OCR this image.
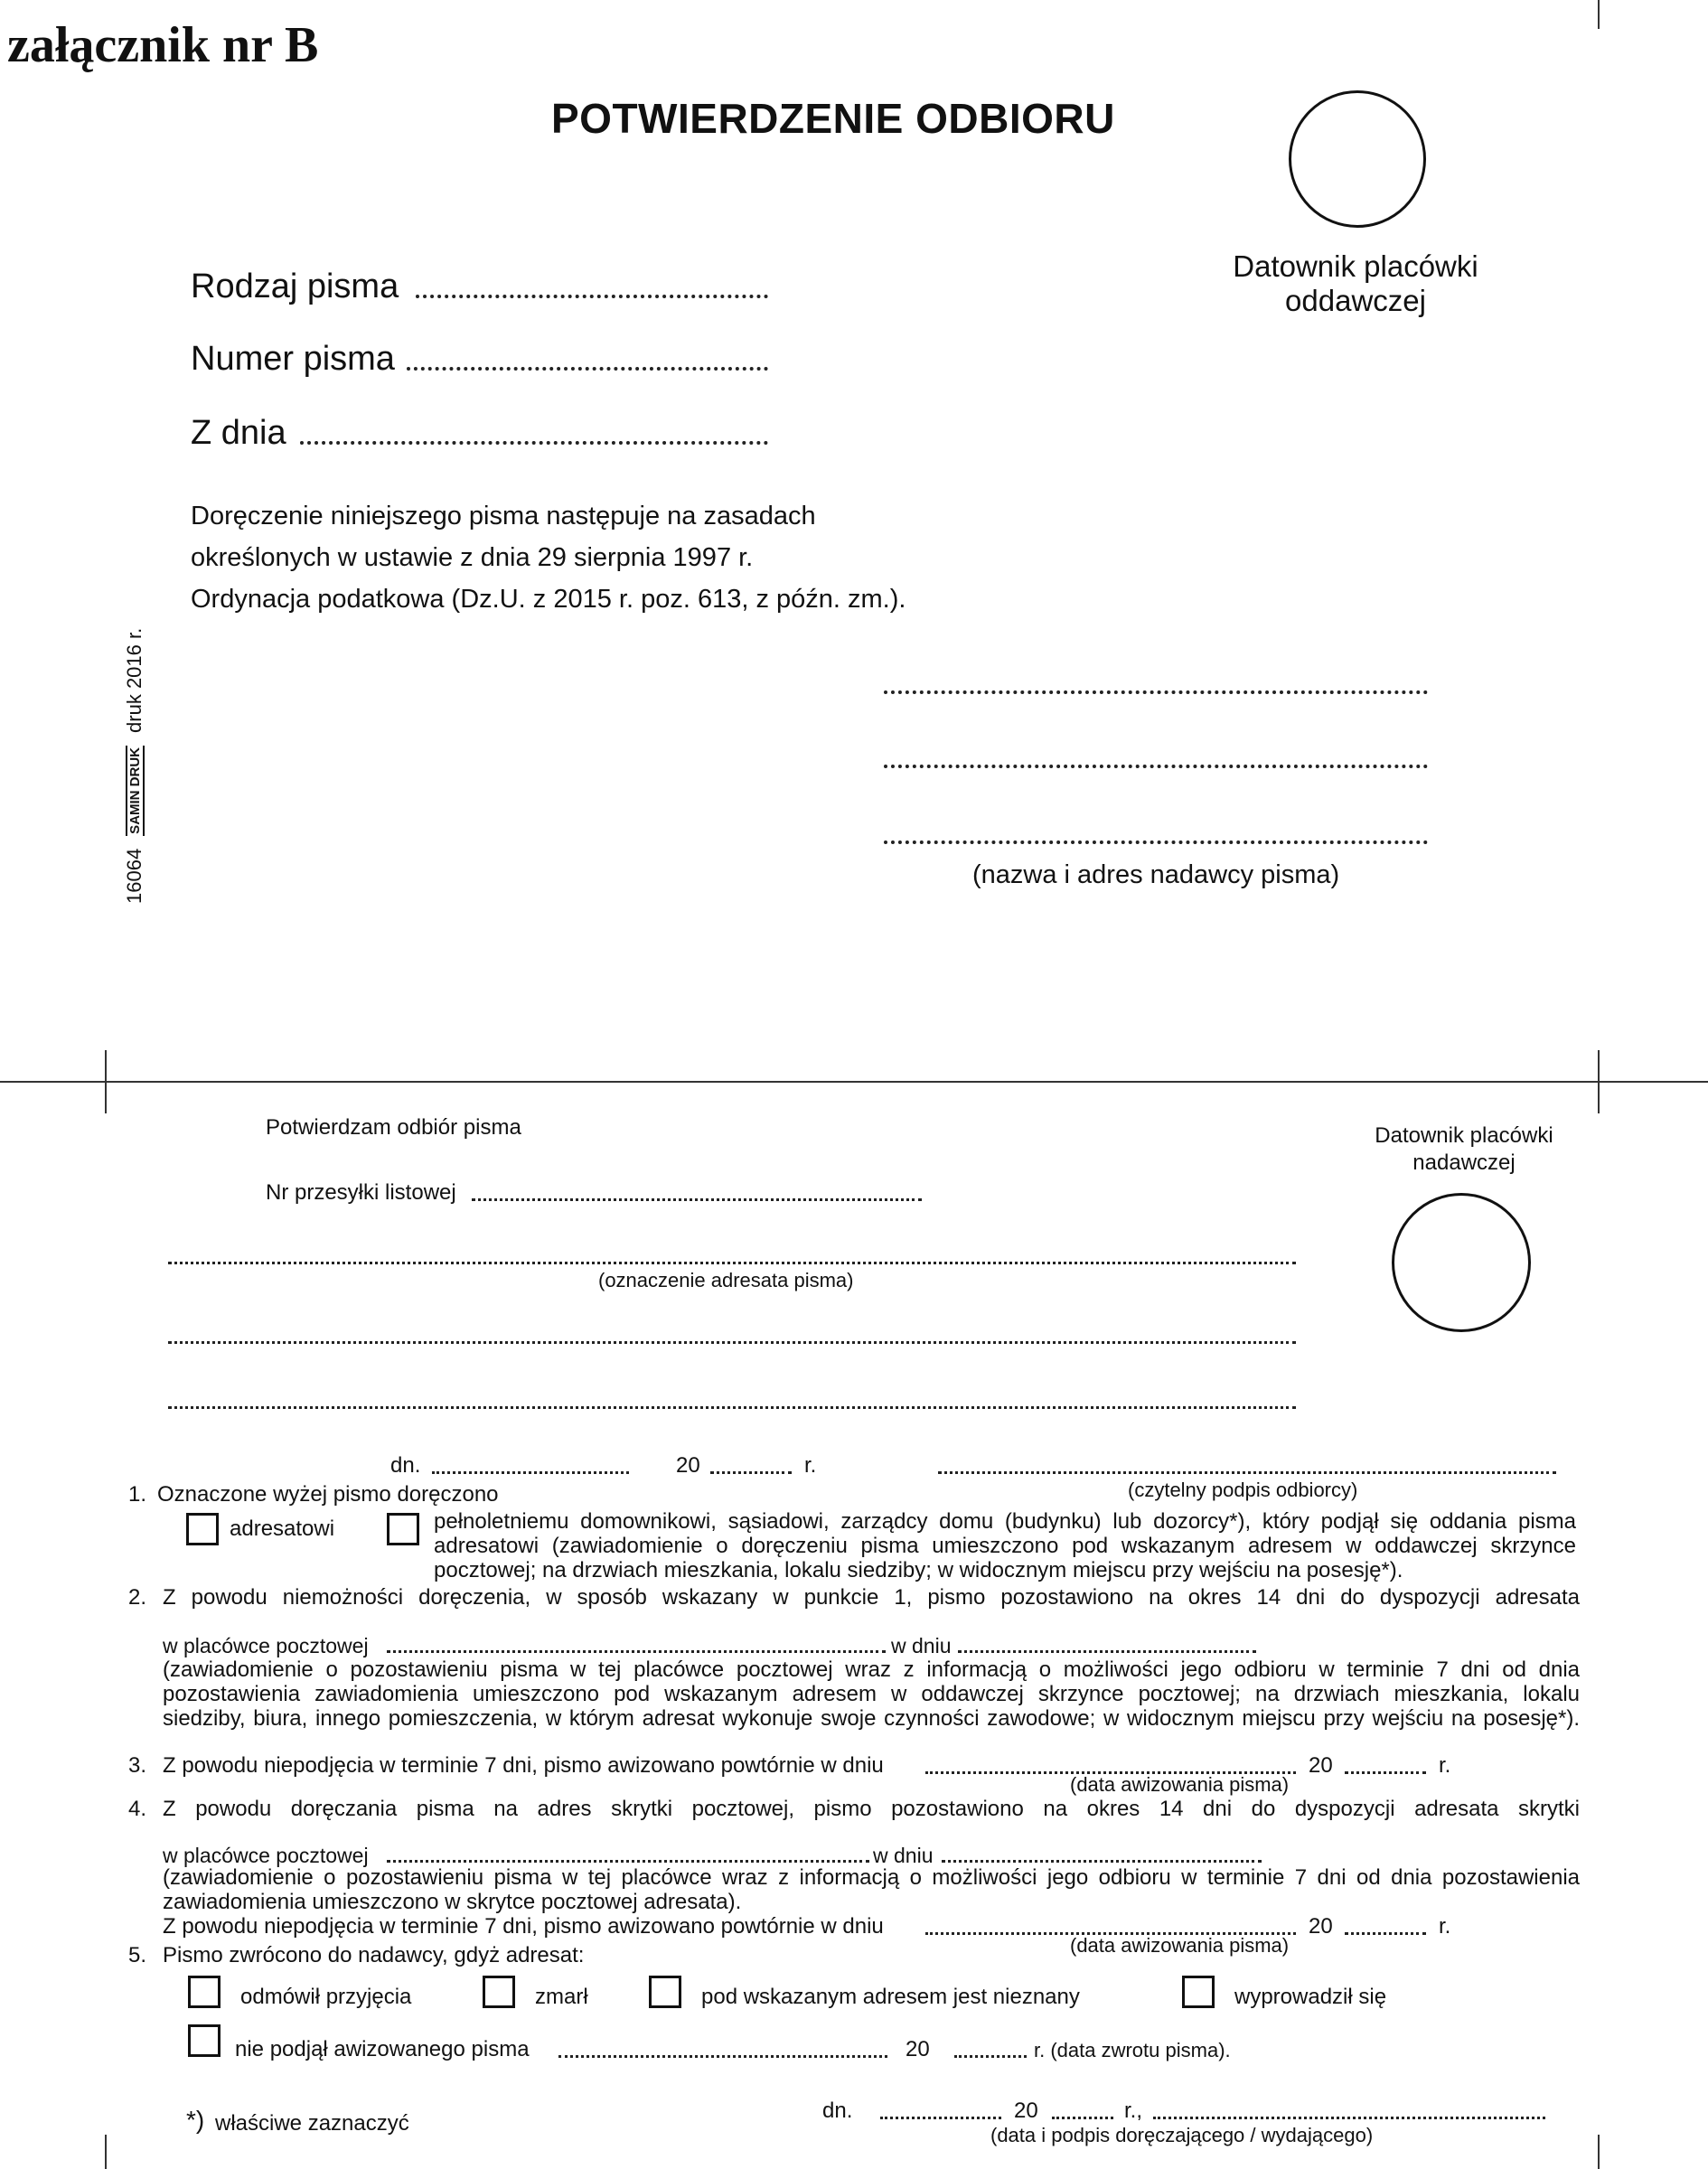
załącznik nr B
POTWIERDZENIE ODBIORU
Datownik placówki
oddawczej
Rodzaj pisma
Numer pisma
Z dnia
Doręczenie niniejszego pisma następuje na zasadach
określonych w ustawie z dnia 29 sierpnia 1997 r.
Ordynacja podatkowa (Dz.U. z 2015 r. poz. 613, z późn. zm.).
(nazwa i adres nadawcy pisma)
16064
SAMIN DRUK
druk 2016 r.
Potwierdzam odbiór pisma
Nr przesyłki listowej
Datownik placówki
nadawczej
(oznaczenie adresata pisma)
dn.	20	r.
(czytelny podpis odbiorcy)
1. Oznaczone wyżej pismo doręczono
adresatowi	pełnoletniemu domownikowi, sąsiadowi, zarządcy domu (budynku) lub dozorcy*), który podjął się oddania pisma
adresatowi (zawiadomienie o doręczeniu pisma umieszczono pod wskazanym adresem w oddawczej skrzynce
pocztowej; na drzwiach mieszkania, lokalu siedziby; w widocznym miejscu przy wejściu na posesję*).
2. Z powodu niemożności doręczenia, w sposób wskazany w punkcie 1, pismo pozostawiono na okres 14 dni do dyspozycji adresata
w placówce pocztowej	w dniu
(zawiadomienie o pozostawieniu pisma w tej placówce pocztowej wraz z informacją o możliwości jego odbioru w terminie 7 dni od dnia
pozostawienia zawiadomienia umieszczono pod wskazanym adresem w oddawczej skrzynce pocztowej; na drzwiach mieszkania, lokalu
siedziby, biura, innego pomieszczenia, w którym adresat wykonuje swoje czynności zawodowe; w widocznym miejscu przy wejściu na posesję*).
3. Z powodu niepodjęcia w terminie 7 dni, pismo awizowano powtórnie w dniu	20	r.
(data awizowania pisma)
4. Z powodu doręczania pisma na adres skrytki pocztowej, pismo pozostawiono na okres 14 dni do dyspozycji adresata skrytki
w placówce pocztowej	w dniu
(zawiadomienie o pozostawieniu pisma w tej placówce wraz z informacją o możliwości jego odbioru w terminie 7 dni od dnia pozostawienia
zawiadomienia umieszczono w skrytce pocztowej adresata).
Z powodu niepodjęcia w terminie 7 dni, pismo awizowano powtórnie w dniu	20	r.
(data awizowania pisma)
5. Pismo zwrócono do nadawcy, gdyż adresat:
odmówił przyjęcia	zmarł	pod wskazanym adresem jest nieznany	wyprowadził się
nie podjął awizowanego pisma	20	r. (data zwrotu pisma).
*) właściwe zaznaczyć
dn.	20	r.,
(data i podpis doręczającego / wydającego)
